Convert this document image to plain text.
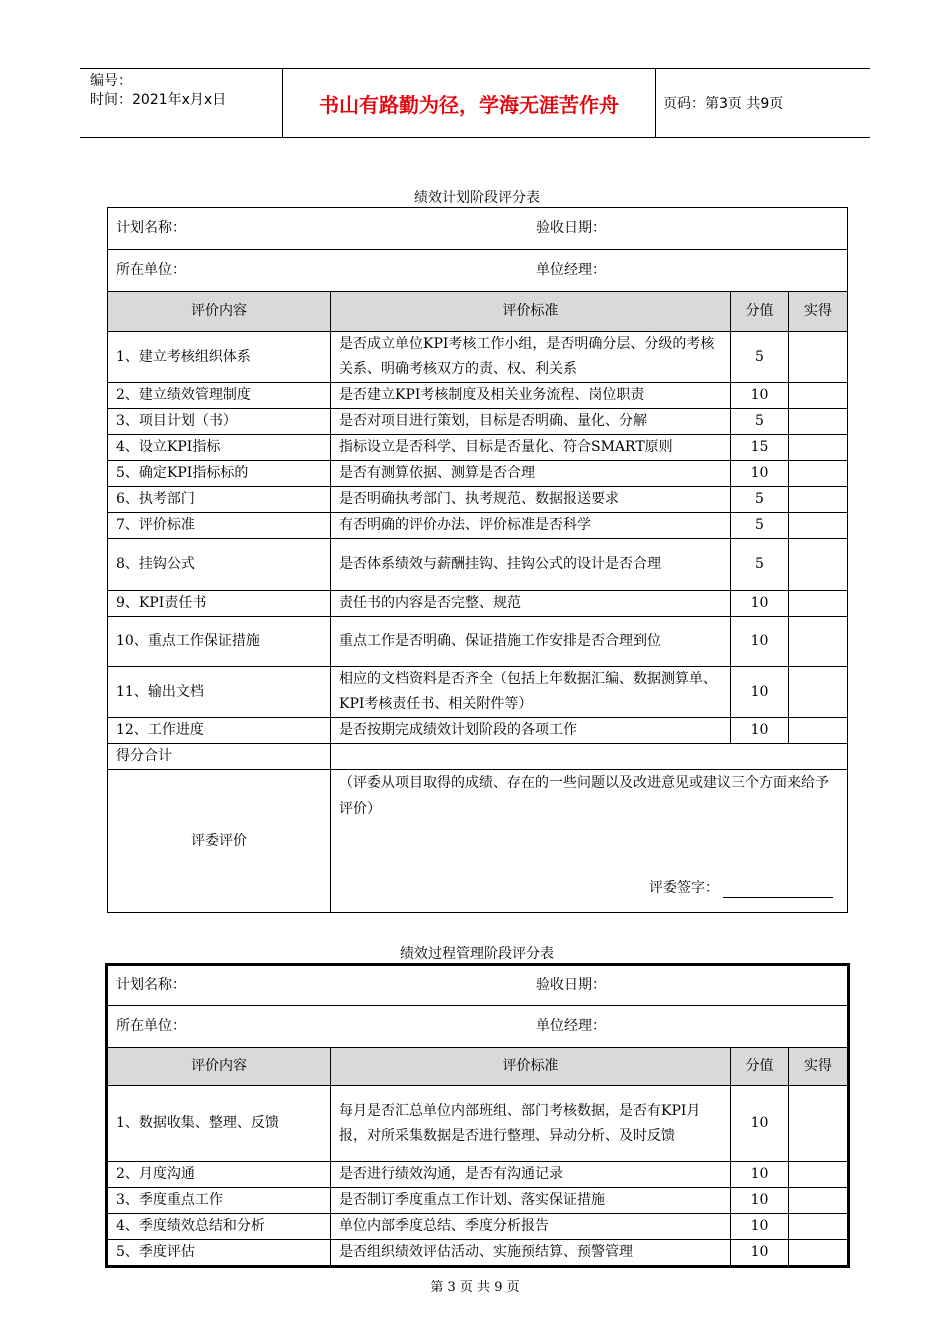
编号：
时间：2021年x月x日	书山有路勤为径，学海无涯苦作舟	页码：第3页 共9页
绩效计划阶段评分表
计划名称： 验收日期：			

所在单位： 单位经理：			

评价内容	评价标准	分值	实得
1、建立考核组织体系	是否成立单位KPI考核工作小组，是否明确分层、分级的考核关系、明确考核双方的责、权、利关系	5	
2、建立绩效管理制度	是否建立KPI考核制度及相关业务流程、岗位职责	10	
3、项目计划（书）	是否对项目进行策划，目标是否明确、量化、分解	5	
4、设立KPI指标	指标设立是否科学、目标是否量化、符合SMART原则	15	
5、确定KPI指标标的	是否有测算依据、测算是否合理	10	
6、执考部门	是否明确执考部门、执考规范、数据报送要求	5	
7、评价标准	有否明确的评价办法、评价标准是否科学	5	
8、挂钩公式	是否体系绩效与薪酬挂钩、挂钩公式的设计是否合理	5	
9、KPI责任书	责任书的内容是否完整、规范	10	
10、重点工作保证措施	重点工作是否明确、保证措施工作安排是否合理到位	10	
11、输出文档	相应的文档资料是否齐全（包括上年数据汇编、数据测算单、KPI考核责任书、相关附件等）	10	
12、工作进度	是否按期完成绩效计划阶段的各项工作	10	
得分合计			
评委评价	（评委从项目取得的成绩、存在的一些问题以及改进意见或建议三个方面来给予评价）
评委签字：		
绩效过程管理阶段评分表
计划名称： 验收日期：			

所在单位： 单位经理：			

评价内容	评价标准	分值	实得
1、数据收集、整理、反馈	每月是否汇总单位内部班组、部门考核数据，是否有KPI月报，对所采集数据是否进行整理、异动分析、及时反馈	10	
2、月度沟通	是否进行绩效沟通，是否有沟通记录	10	
3、季度重点工作	是否制订季度重点工作计划、落实保证措施	10	
4、季度绩效总结和分析	单位内部季度总结、季度分析报告	10	
5、季度评估	是否组织绩效评估活动、实施预结算、预警管理	10	
第 3 页 共 9 页
